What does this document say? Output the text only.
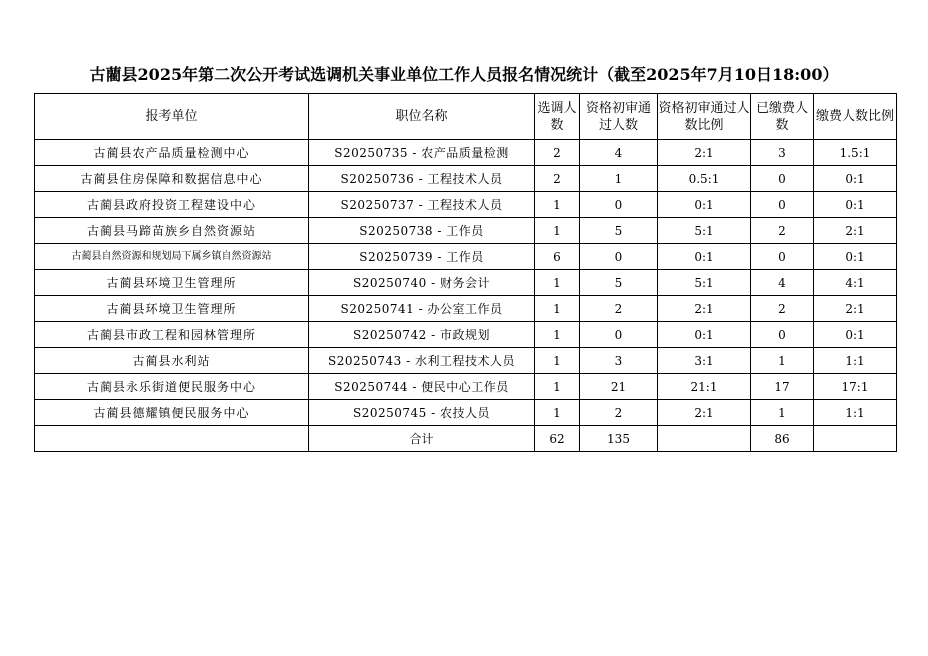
古藺县2025年第二次公开考试选调机关事业单位工作人员报名情况统计（截至2025年7月10日18:00）
报考单位	职位名称	选调人数	资格初审通过人数	资格初审通过人数比例	已缴费人数	缴费人数比例
古蔺县农产品质量检测中心	S20250735 - 农产品质量检测	2	4	2:1	3	1.5:1
古蔺县住房保障和数据信息中心	S20250736 - 工程技术人员	2	1	0.5:1	0	0:1
古蔺县政府投资工程建设中心	S20250737 - 工程技术人员	1	0	0:1	0	0:1
古蔺县马蹄苗族乡自然资源站	S20250738 - 工作员	1	5	5:1	2	2:1
古蔺县自然资源和规划局下属乡镇自然资源站	S20250739 - 工作员	6	0	0:1	0	0:1
古蔺县环境卫生管理所	S20250740 - 财务会计	1	5	5:1	4	4:1
古蔺县环境卫生管理所	S20250741 - 办公室工作员	1	2	2:1	2	2:1
古蔺县市政工程和园林管理所	S20250742 - 市政规划	1	0	0:1	0	0:1
古蔺县水利站	S20250743 - 水利工程技术人员	1	3	3:1	1	1:1
古蔺县永乐街道便民服务中心	S20250744 - 便民中心工作员	1	21	21:1	17	17:1
古蔺县德耀镇便民服务中心	S20250745 - 农技人员	1	2	2:1	1	1:1
	合计	62	135		86	
